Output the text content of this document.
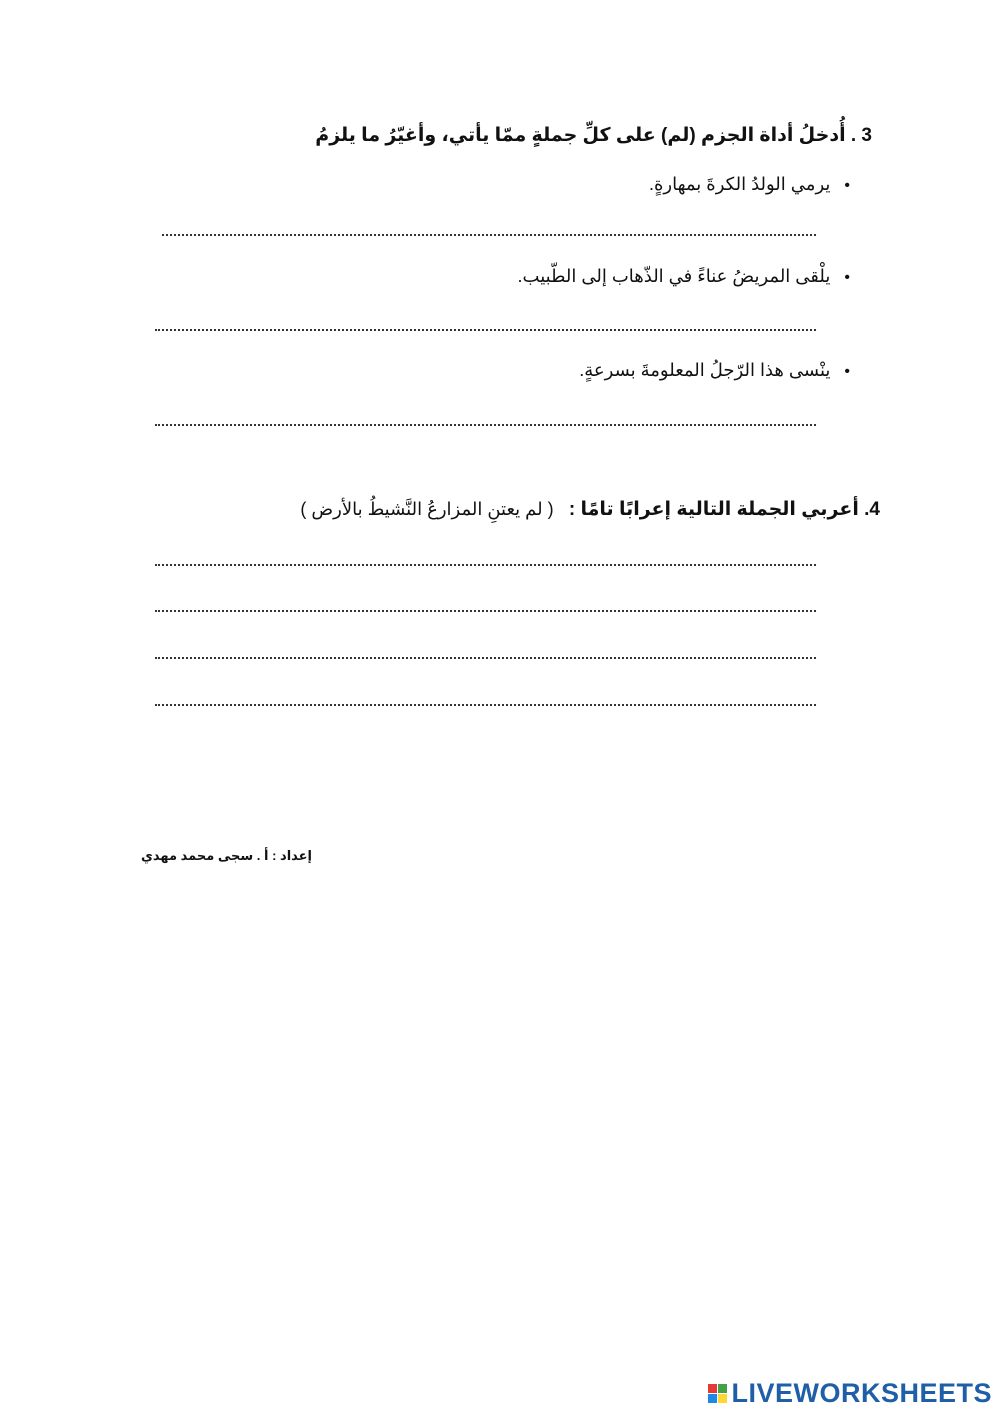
3 . أُدخلُ أداة الجزم (لم) على كلِّ جملةٍ ممّا يأتي، وأغيّرُ ما يلزمُ
•يرمي الولدُ الكرةَ بمهارةٍ.
•يلْقى المريضُ عناءً في الذّهاب إلى الطّبيب.
•ينْسى هذا الرّجلُ المعلومةَ بسرعةٍ.
4. أعربي الجملة التالية إعرابًا تامًا : ( لم يعتنِ المزارعُ النَّشيطُ بالأرض )
إعداد : أ . سجى محمد مهدي
LIVEWORKSHEETS
